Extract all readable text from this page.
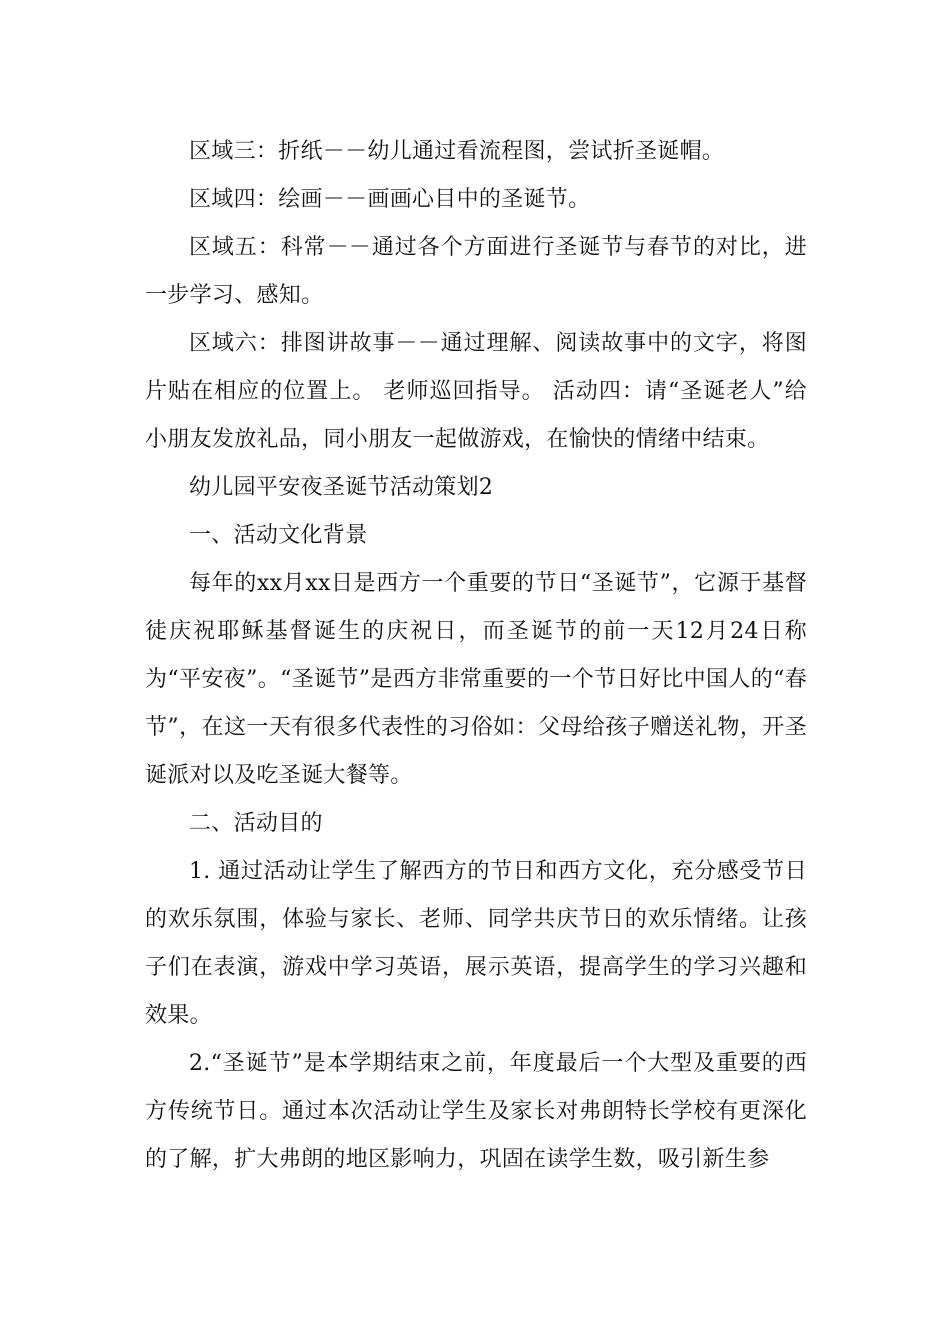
区域三：折纸－－幼儿通过看流程图，尝试折圣诞帽。

区域四：绘画－－画画心目中的圣诞节。

区域五：科常－－通过各个方面进行圣诞节与春节的对比，进一步学习、感知。

区域六：排图讲故事－－通过理解、阅读故事中的文字，将图片贴在相应的位置上。 老师巡回指导。 活动四：请“圣诞老人”给小朋友发放礼品，同小朋友一起做游戏，在愉快的情绪中结束。

幼儿园平安夜圣诞节活动策划2

一、活动文化背景

每年的xx月xx日是西方一个重要的节日“圣诞节”，它源于基督徒庆祝耶稣基督诞生的庆祝日，而圣诞节的前一天12月24日称为“平安夜”。“圣诞节”是西方非常重要的一个节日好比中国人的“春节”，在这一天有很多代表性的习俗如：父母给孩子赠送礼物，开圣诞派对以及吃圣诞大餐等。

二、活动目的

1. 通过活动让学生了解西方的节日和西方文化，充分感受节日的欢乐氛围，体验与家长、老师、同学共庆节日的欢乐情绪。让孩子们在表演，游戏中学习英语，展示英语，提高学生的学习兴趣和效果。

2.“圣诞节”是本学期结束之前，年度最后一个大型及重要的西方传统节日。通过本次活动让学生及家长对弗朗特长学校有更深化的了解，扩大弗朗的地区影响力，巩固在读学生数，吸引新生参
